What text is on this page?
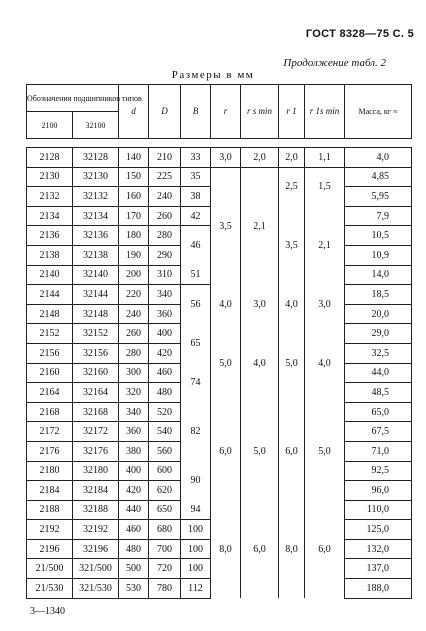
ГОСТ 8328—75 С. 5
Продолжение табл. 2
Размеры в мм
Обозначения подшипников типов		d	D	B	r	r s min	r 1	r 1s min	Масса, кг ≈
2100	32100								

2128	32128	140	210	33	3,0	2,0	2,0	1,1	4,0
2130	32130	150	225	35	3,5	2,1	2,5	1,5	4,85
2132	32132	160	240	38					5,95
2134	32134	170	260	42			3,5	2,1	7,9
2136	32136	180	280	46					10,5
2138	32138	190	290						10,9
2140	32140	200	310	51					14,0
2144	32144	220	340	56	4,0	3,0	4,0	3,0	18,5
2148	32148	240	360						20,0
2152	32152	260	400	65	5,0	4,0	5,0	4,0	29,0
2156	32156	280	420						32,5
2160	32160	300	460	74					44,0
2164	32164	320	480						48,5
2168	32168	340	520	82	6,0	5,0	6,0	5,0	65,0
2172	32172	360	540						67,5
2176	32176	380	560						71,0
2180	32180	400	600	90					92,5
2184	32184	420	620						96,0
2188	32188	440	650	94	8,0	6,0	8,0	6,0	110,0
2192	32192	460	680	100					125,0
2196	32196	480	700	100					132,0
21/500	321/500	500	720	100					137,0
21/530	321/530	530	780	112					188,0
3—1340
